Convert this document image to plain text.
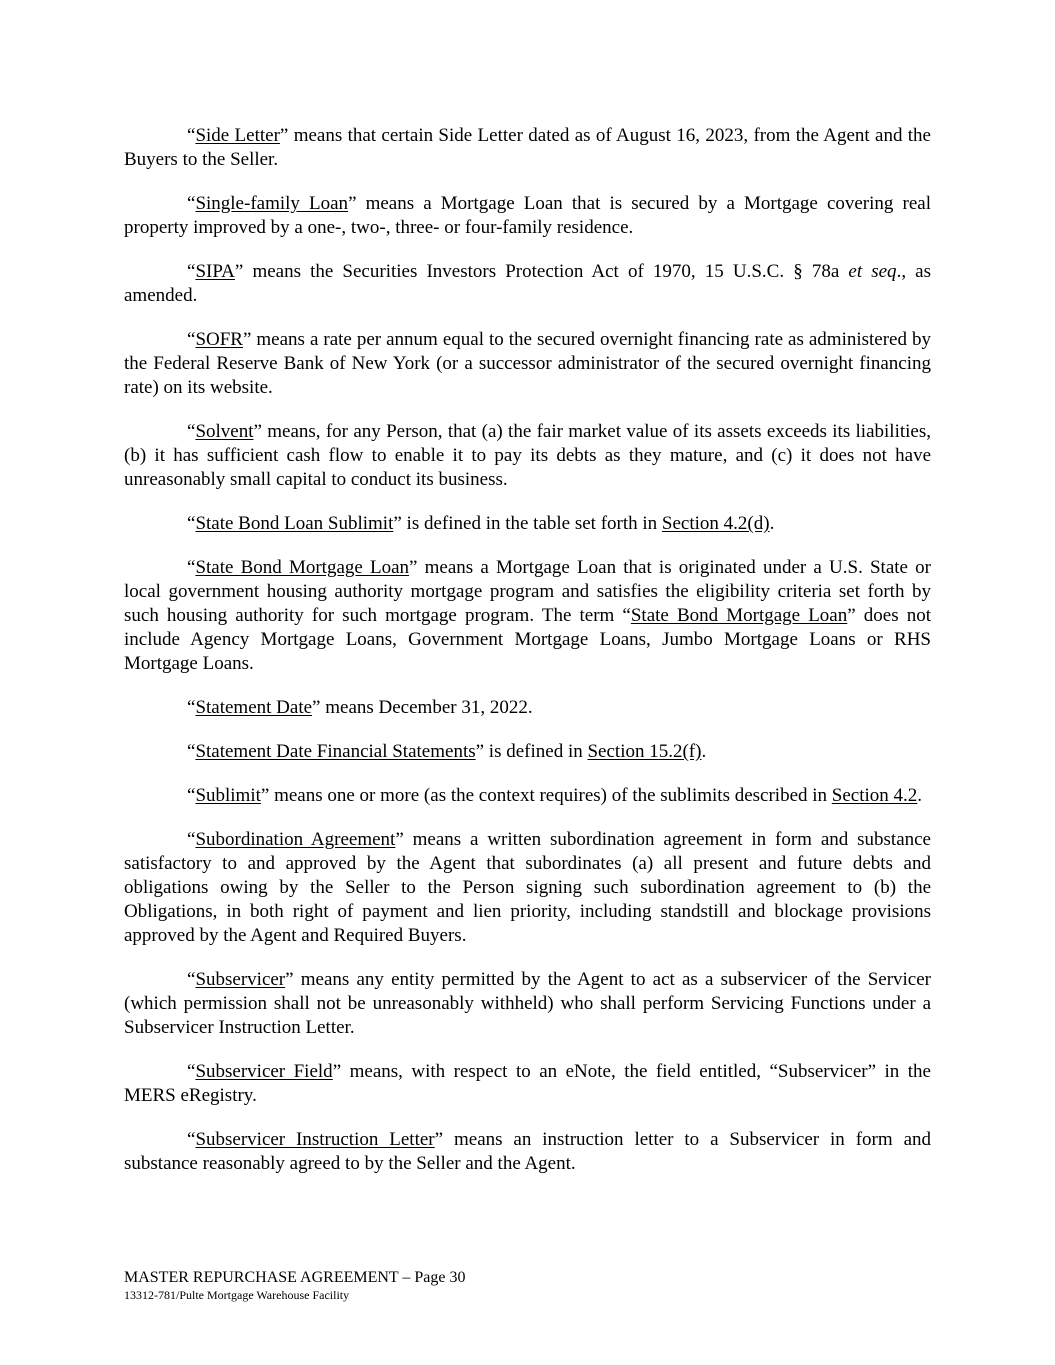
“Side Letter” means that certain Side Letter dated as of August 16, 2023, from the Agent and the Buyers to the Seller.

“Single-family Loan” means a Mortgage Loan that is secured by a Mortgage covering real property improved by a one-, two-, three- or four-family residence.

“SIPA” means the Securities Investors Protection Act of 1970, 15 U.S.C. § 78a et seq., as amended.

“SOFR” means a rate per annum equal to the secured overnight financing rate as administered by the Federal Reserve Bank of New York (or a successor administrator of the secured overnight financing rate) on its website.

“Solvent” means, for any Person, that (a) the fair market value of its assets exceeds its liabilities, (b) it has sufficient cash flow to enable it to pay its debts as they mature, and (c) it does not have unreasonably small capital to conduct its business.

“State Bond Loan Sublimit” is defined in the table set forth in Section 4.2(d).

“State Bond Mortgage Loan” means a Mortgage Loan that is originated under a U.S. State or local government housing authority mortgage program and satisfies the eligibility criteria set forth by such housing authority for such mortgage program. The term “State Bond Mortgage Loan” does not include Agency Mortgage Loans, Government Mortgage Loans, Jumbo Mortgage Loans or RHS Mortgage Loans.

“Statement Date” means December 31, 2022.

“Statement Date Financial Statements” is defined in Section 15.2(f).

“Sublimit” means one or more (as the context requires) of the sublimits described in Section 4.2.

“Subordination Agreement” means a written subordination agreement in form and substance satisfactory to and approved by the Agent that subordinates (a) all present and future debts and obligations owing by the Seller to the Person signing such subordination agreement to (b) the Obligations, in both right of payment and lien priority, including standstill and blockage provisions approved by the Agent and Required Buyers.

“Subservicer” means any entity permitted by the Agent to act as a subservicer of the Servicer (which permission shall not be unreasonably withheld) who shall perform Servicing Functions under a Subservicer Instruction Letter.

“Subservicer Field” means, with respect to an eNote, the field entitled, “Subservicer” in the MERS eRegistry.

“Subservicer Instruction Letter” means an instruction letter to a Subservicer in form and substance reasonably agreed to by the Seller and the Agent.

MASTER REPURCHASE AGREEMENT – Page 30
13312-781/Pulte Mortgage Warehouse Facility
